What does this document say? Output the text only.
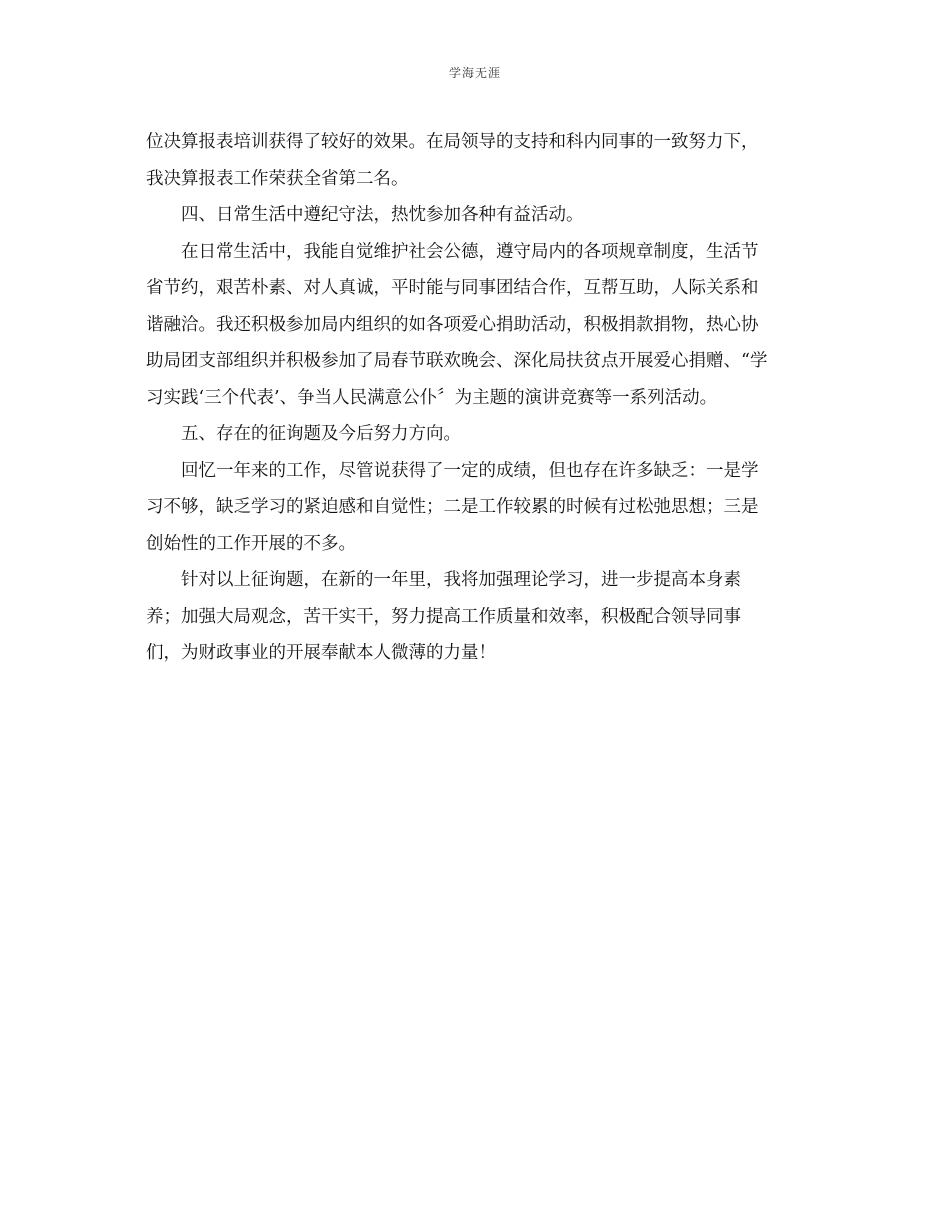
学海无涯
位决算报表培训获得了较好的效果。在局领导的支持和科内同事的一致努力下，
我决算报表工作荣获全省第二名。
四、日常生活中遵纪守法，热忱参加各种有益活动。
在日常生活中，我能自觉维护社会公德，遵守局内的各项规章制度，生活节
省节约，艰苦朴素、对人真诚，平时能与同事团结合作，互帮互助，人际关系和
谐融洽。我还积极参加局内组织的如各项爱心捐助活动，积极捐款捐物，热心协
助局团支部组织并积极参加了局春节联欢晚会、深化局扶贫点开展爱心捐赠、“学
习实践‘三个代表’、争当人民满意公仆〞为主题的演讲竞赛等一系列活动。
五、存在的征询题及今后努力方向。
回忆一年来的工作，尽管说获得了一定的成绩，但也存在许多缺乏：一是学
习不够，缺乏学习的紧迫感和自觉性；二是工作较累的时候有过松弛思想；三是
创始性的工作开展的不多。
针对以上征询题，在新的一年里，我将加强理论学习，进一步提高本身素
养；加强大局观念，苦干实干，努力提高工作质量和效率，积极配合领导同事
们，为财政事业的开展奉献本人微薄的力量！
